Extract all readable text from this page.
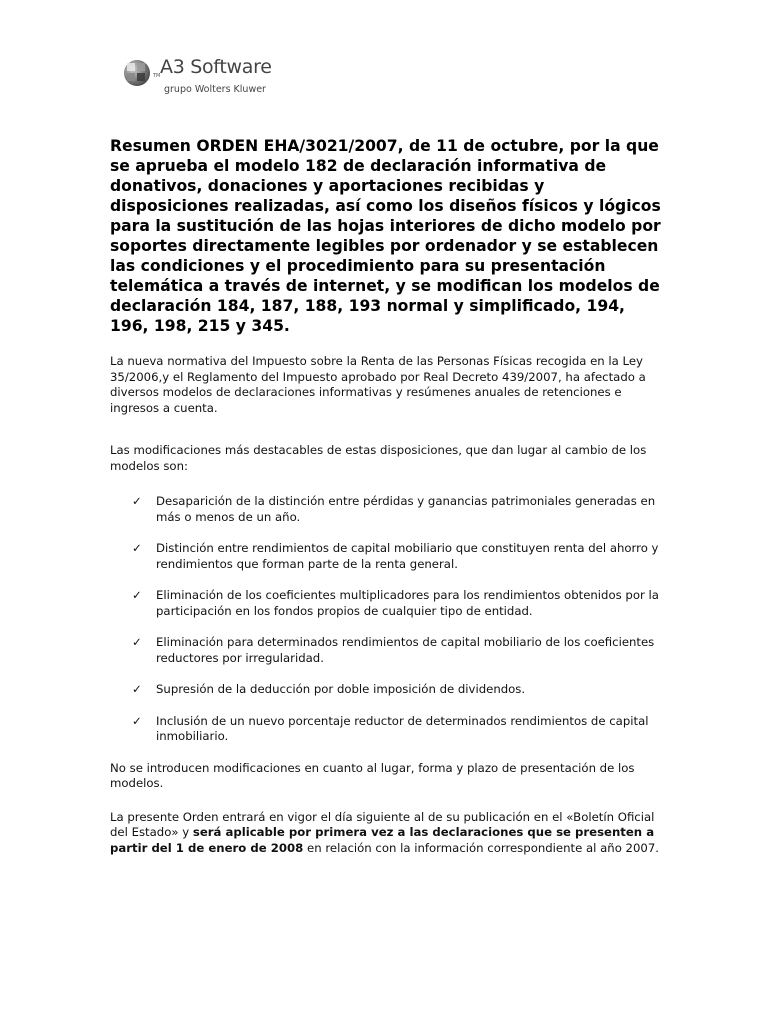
TM A3 Software
grupo Wolters Kluwer
Resumen ORDEN EHA/3021/2007, de 11 de octubre, por la que se aprueba el modelo 182 de declaración informativa de donativos, donaciones y aportaciones recibidas y disposiciones realizadas, así como los diseños físicos y lógicos para la sustitución de las hojas interiores de dicho modelo por soportes directamente legibles por ordenador y se establecen las condiciones y el procedimiento para su presentación telemática a través de internet, y se modifican los modelos de declaración 184, 187, 188, 193 normal y simplificado, 194, 196, 198, 215 y 345.

La nueva normativa del Impuesto sobre la Renta de las Personas Físicas recogida en la Ley 35/2006,y el Reglamento del Impuesto aprobado por Real Decreto 439/2007, ha afectado a diversos modelos de declaraciones informativas y resúmenes anuales de retenciones e ingresos a cuenta.

Las modificaciones más destacables de estas disposiciones, que dan lugar al cambio de los modelos son:

✓ Desaparición de la distinción entre pérdidas y ganancias patrimoniales generadas en más o menos de un año.
✓ Distinción entre rendimientos de capital mobiliario que constituyen renta del ahorro y rendimientos que forman parte de la renta general.
✓ Eliminación de los coeficientes multiplicadores para los rendimientos obtenidos por la participación en los fondos propios de cualquier tipo de entidad.
✓ Eliminación para determinados rendimientos de capital mobiliario de los coeficientes reductores por irregularidad.
✓ Supresión de la deducción por doble imposición de dividendos.
✓ Inclusión de un nuevo porcentaje reductor de determinados rendimientos de capital inmobiliario.

No se introducen modificaciones en cuanto al lugar, forma y plazo de presentación de los modelos.

La presente Orden entrará en vigor el día siguiente al de su publicación en el «Boletín Oficial del Estado» y será aplicable por primera vez a las declaraciones que se presenten a partir del 1 de enero de 2008 en relación con la información correspondiente al año 2007.
